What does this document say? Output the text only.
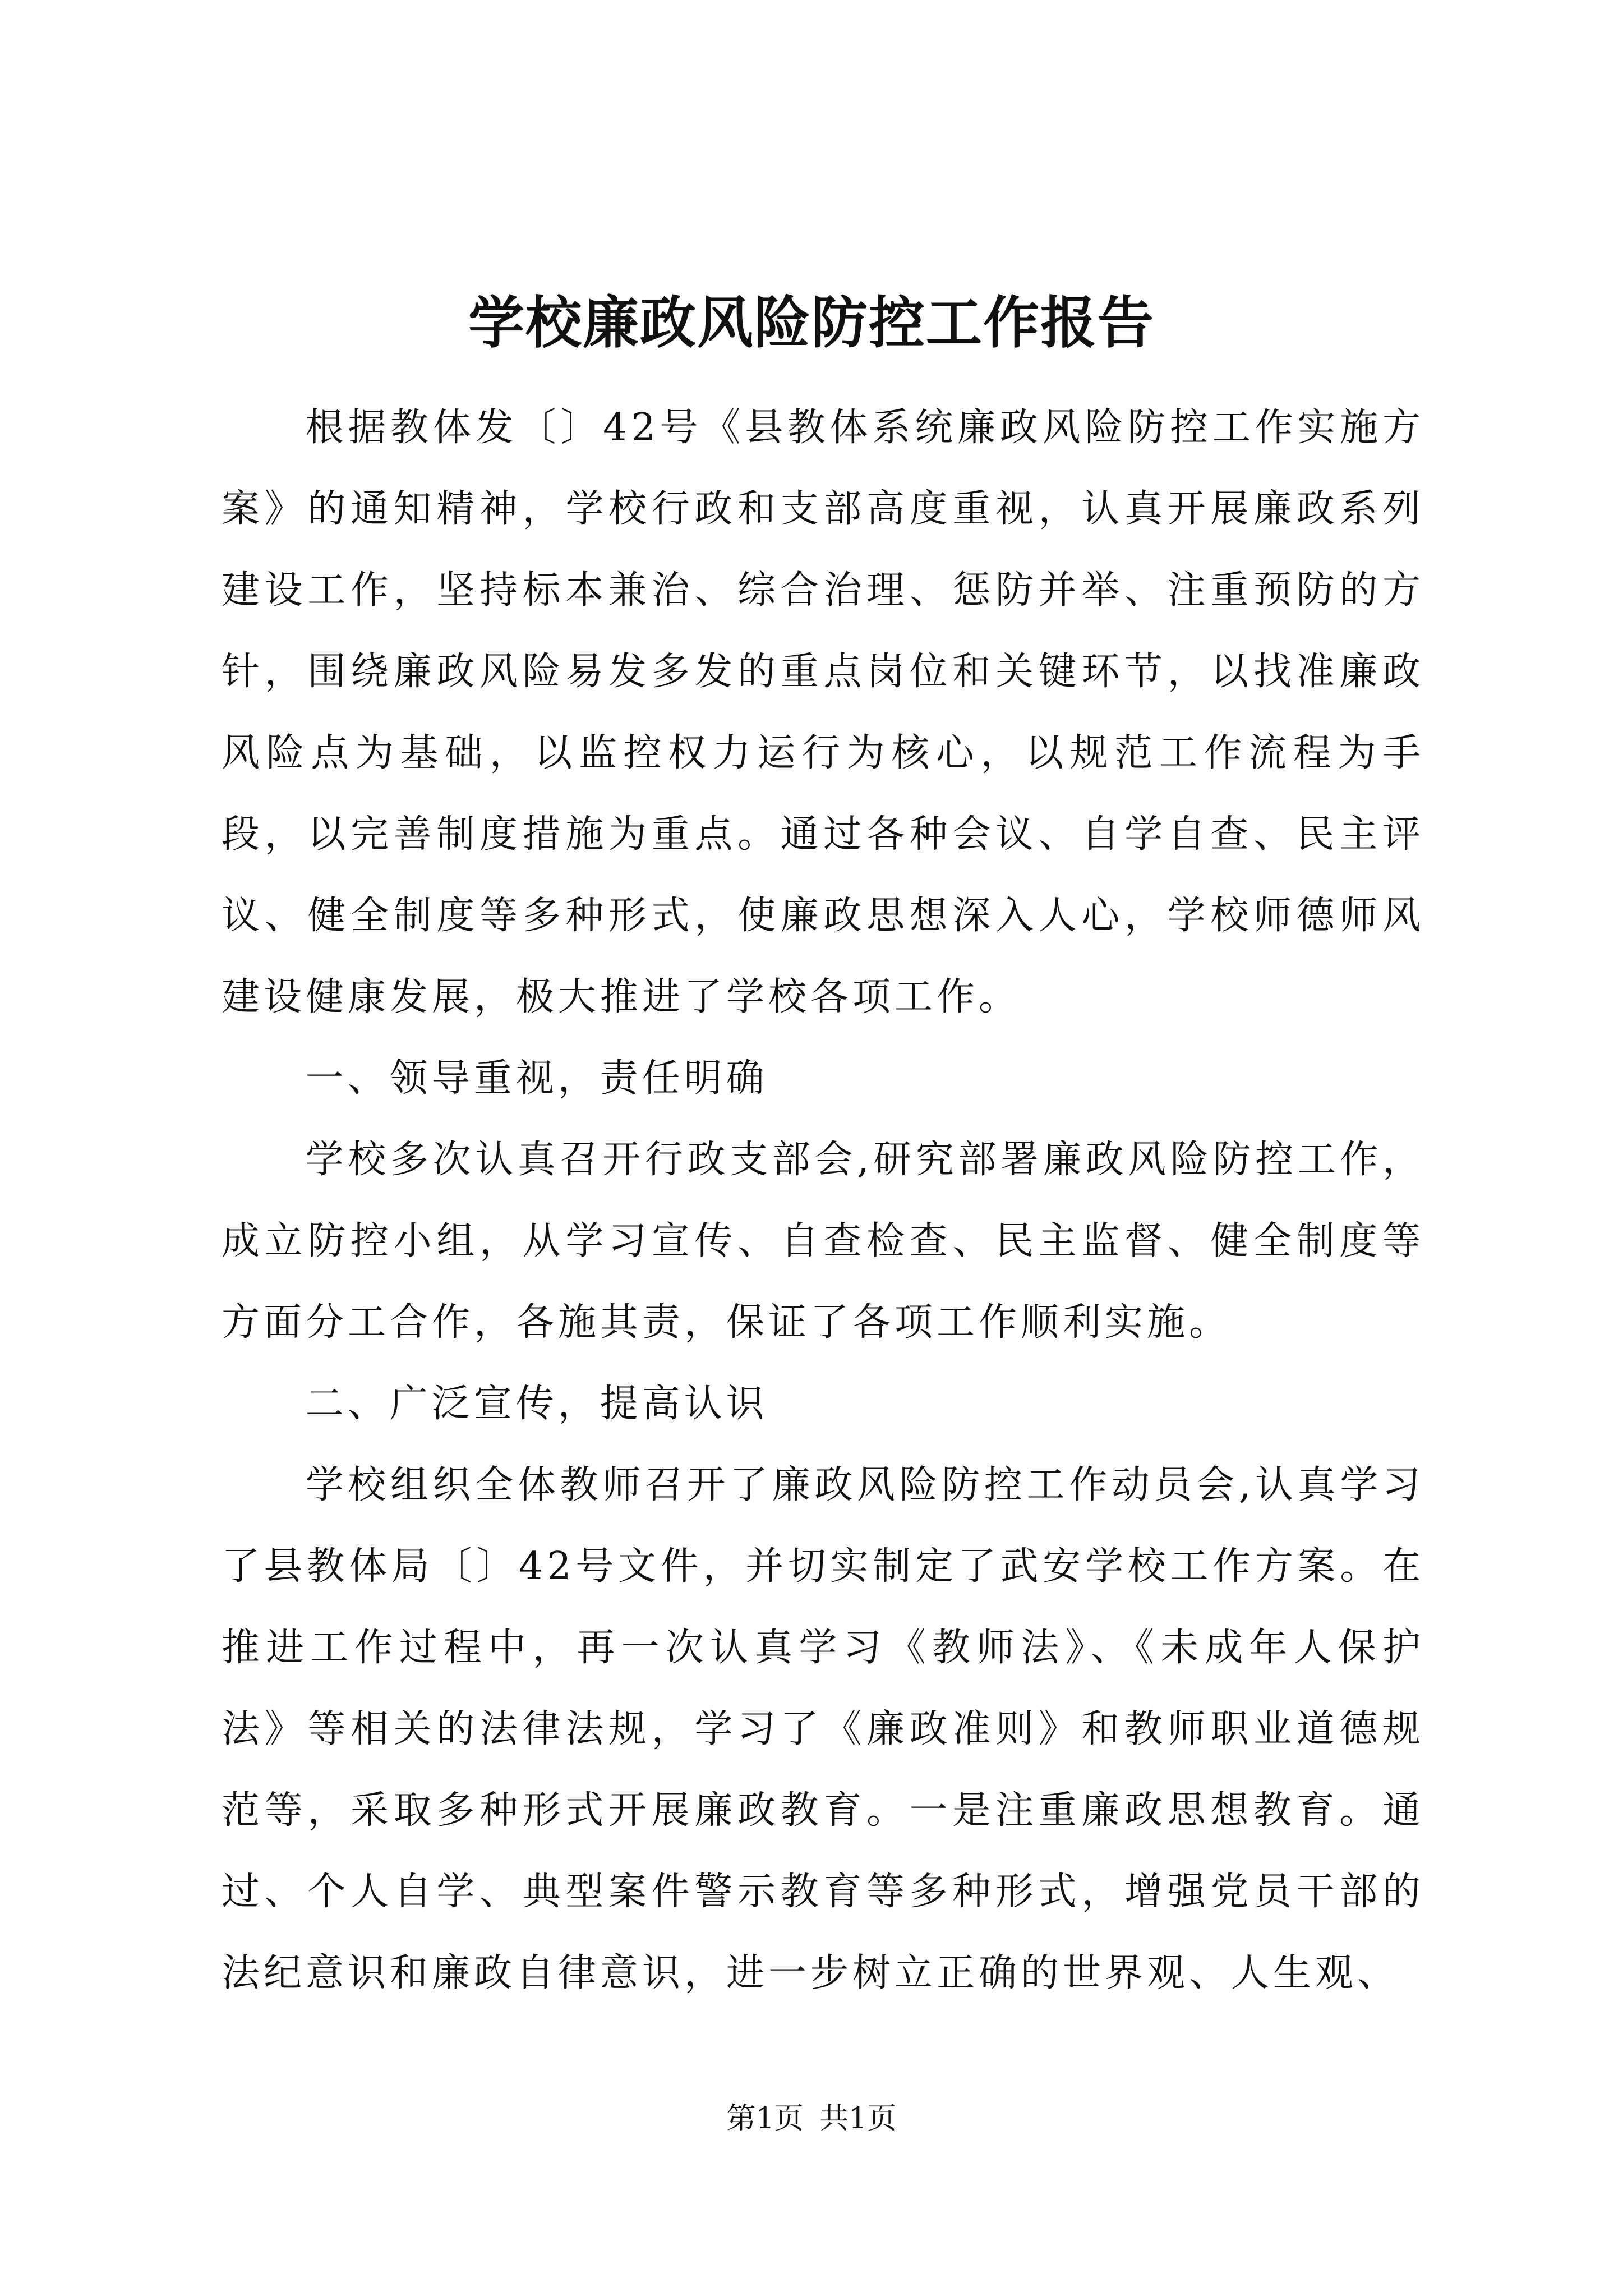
学校廉政风险防控工作报告

根据教体发〔〕42号《县教体系统廉政风险防控工作实施方案》的通知精神，学校行政和支部高度重视，认真开展廉政系列建设工作，坚持标本兼治、综合治理、惩防并举、注重预防的方针，围绕廉政风险易发多发的重点岗位和关键环节，以找准廉政风险点为基础，以监控权力运行为核心，以规范工作流程为手段，以完善制度措施为重点。通过各种会议、自学自查、民主评议、健全制度等多种形式，使廉政思想深入人心，学校师德师风建设健康发展，极大推进了学校各项工作。

一、领导重视，责任明确

学校多次认真召开行政支部会,研究部署廉政风险防控工作，成立防控小组，从学习宣传、自查检查、民主监督、健全制度等方面分工合作，各施其责，保证了各项工作顺利实施。

二、广泛宣传，提高认识

学校组织全体教师召开了廉政风险防控工作动员会,认真学习了县教体局〔〕42号文件，并切实制定了武安学校工作方案。在推进工作过程中，再一次认真学习《教师法》、《未成年人保护法》等相关的法律法规，学习了《廉政准则》和教师职业道德规范等，采取多种形式开展廉政教育。一是注重廉政思想教育。通过、个人自学、典型案件警示教育等多种形式，增强党员干部的法纪意识和廉政自律意识，进一步树立正确的世界观、人生观、

第1页 共1页
